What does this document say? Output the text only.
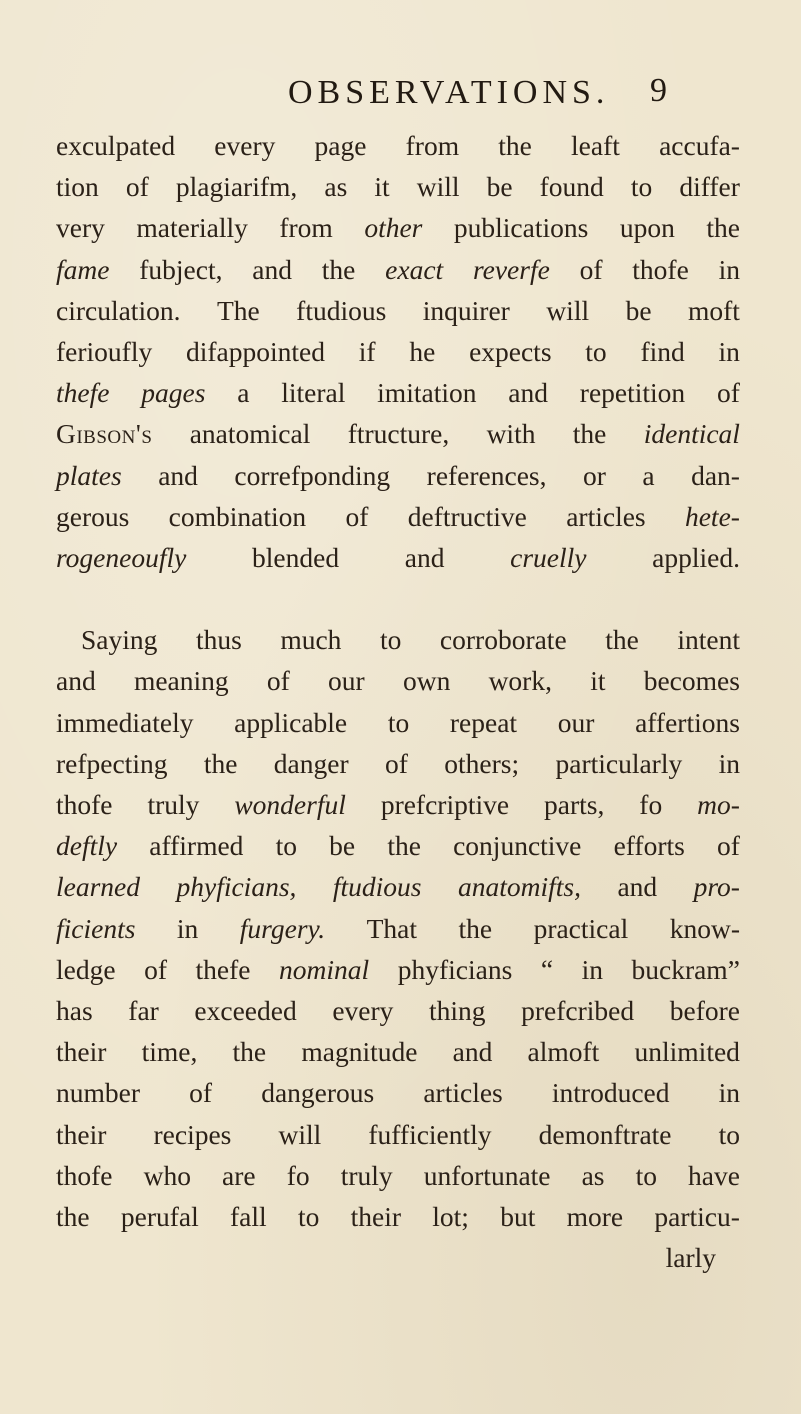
OBSERVATIONS. 9
exculpated every page from the leaft accufa-
tion of plagiarifm, as it will be found to differ
very materially from other publications upon the
fame fubject, and the exact reverfe of thofe in
circulation. The ftudious inquirer will be moft
ferioufly difappointed if he expects to find in
thefe pages a literal imitation and repetition of
Gibson's anatomical ftructure, with the identical
plates and correfponding references, or a dan-
gerous combination of deftructive articles hete-
rogeneoufly blended and cruelly applied.
Saying thus much to corroborate the intent
and meaning of our own work, it becomes
immediately applicable to repeat our affertions
refpecting the danger of others; particularly in
thofe truly wonderful prefcriptive parts, fo mo-
deftly affirmed to be the conjunctive efforts of
learned phyficians, ftudious anatomifts, and pro-
ficients in furgery. That the practical know-
ledge of thefe nominal phyficians “ in buckram”
has far exceeded every thing prefcribed before
their time, the magnitude and almoft unlimited
number of dangerous articles introduced in
their recipes will fufficiently demonftrate to
thofe who are fo truly unfortunate as to have
the perufal fall to their lot; but more particu-
larly
